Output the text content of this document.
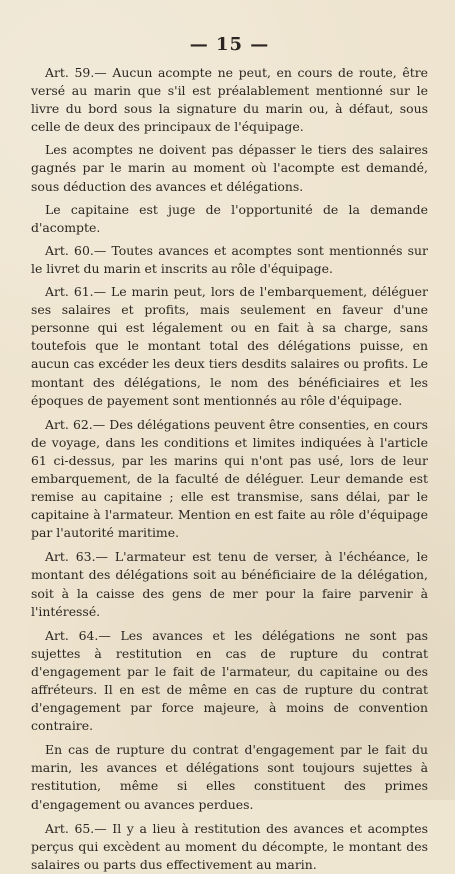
— 15 —

Art. 59.— Aucun acompte ne peut, en cours de route, être versé au marin que s'il est préalablement mentionné sur le livre du bord sous la signature du marin ou, à défaut, sous celle de deux des principaux de l'équipage.

Les acomptes ne doivent pas dépasser le tiers des salaires gagnés par le marin au moment où l'acompte est demandé, sous déduction des avances et délégations.

Le capitaine est juge de l'opportunité de la demande d'acompte.

Art. 60.— Toutes avances et acomptes sont mentionnés sur le livret du marin et inscrits au rôle d'équipage.

Art. 61.— Le marin peut, lors de l'embarquement, déléguer ses salaires et profits, mais seulement en faveur d'une personne qui est légalement ou en fait à sa charge, sans toutefois que le montant total des délégations puisse, en aucun cas excéder les deux tiers desdits salaires ou profits. Le montant des délégations, le nom des bénéficiaires et les époques de payement sont mentionnés au rôle d'équipage.

Art. 62.— Des délégations peuvent être consenties, en cours de voyage, dans les conditions et limites indiquées à l'article 61 ci-dessus, par les marins qui n'ont pas usé, lors de leur embarquement, de la faculté de déléguer. Leur demande est remise au capitaine ; elle est transmise, sans délai, par le capitaine à l'armateur. Mention en est faite au rôle d'équipage par l'autorité maritime.

Art. 63.— L'armateur est tenu de verser, à l'échéance, le montant des délégations soit au bénéficiaire de la délégation, soit à la caisse des gens de mer pour la faire parvenir à l'intéressé.

Art. 64.— Les avances et les délégations ne sont pas sujettes à restitution en cas de rupture du contrat d'engagement par le fait de l'armateur, du capitaine ou des affréteurs. Il en est de même en cas de rupture du contrat d'engagement par force majeure, à moins de convention contraire.

En cas de rupture du contrat d'engagement par le fait du marin, les avances et délégations sont toujours sujettes à restitution, même si elles constituent des primes d'engagement ou avances perdues.

Art. 65.— Il y a lieu à restitution des avances et acomptes perçus qui excèdent au moment du décompte, le montant des salaires ou parts dus effectivement au marin.
